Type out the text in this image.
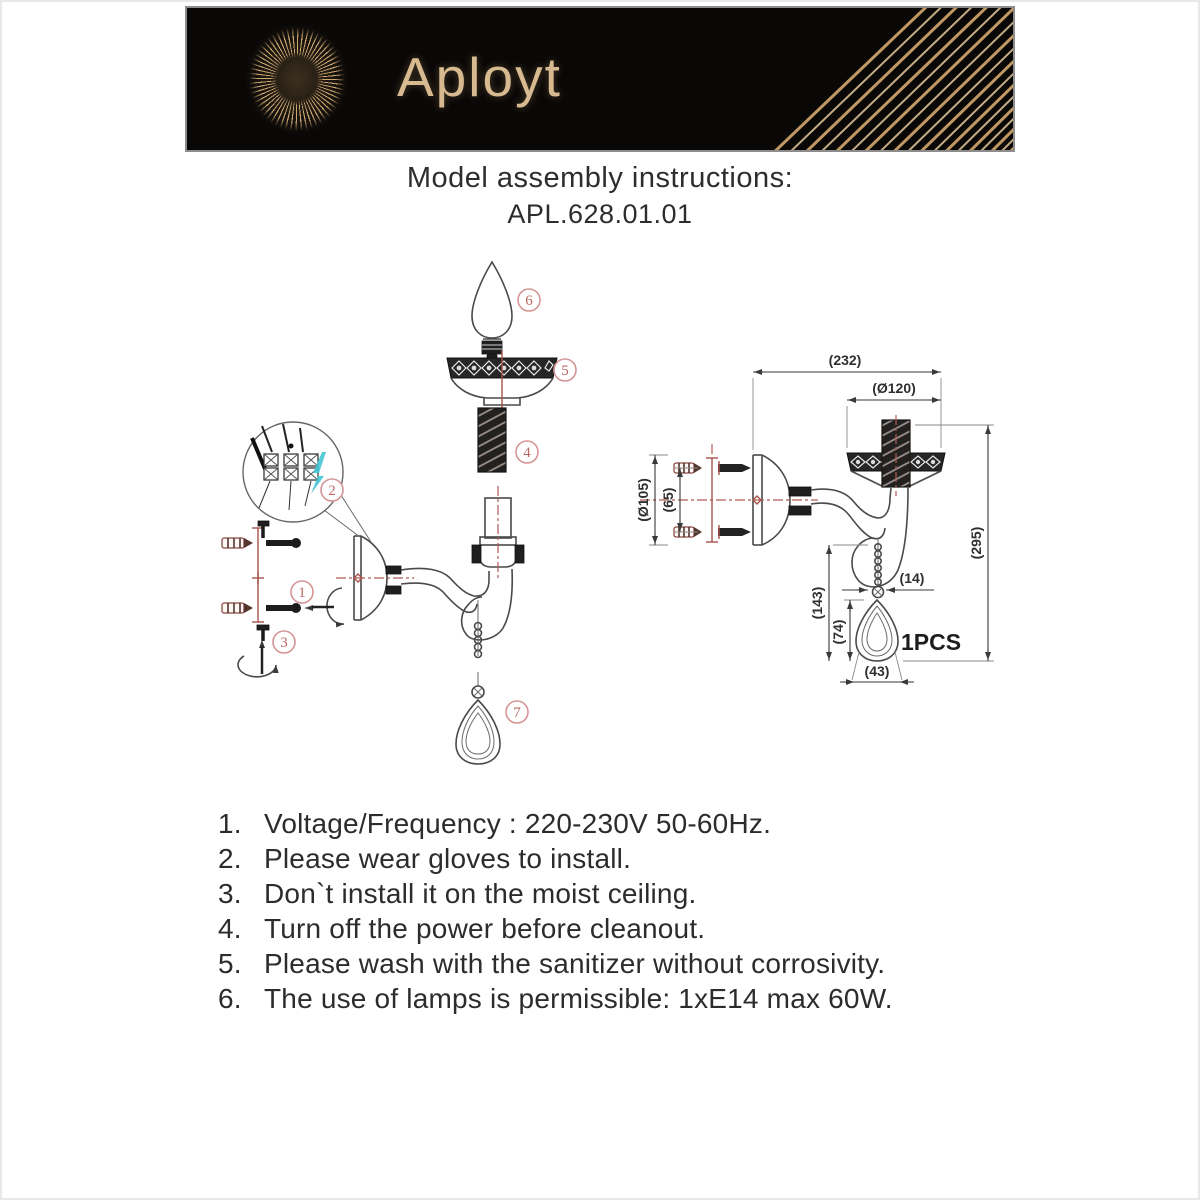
Aployt
Model assembly instructions:
APL.628.01.01
1
2
3
4
5
6
7
(232)
(Ø120)
(Ø105) (65)
(295)
(143)
(74)
(14)
(43)
1PCS
1. Voltage/Frequency : 220-230V 50-60Hz.
2. Please wear gloves to install.
3. Don`t install it on the moist ceiling.
4. Turn off the power before cleanout.
5. Please wash with the sanitizer without corrosivity.
6. The use of lamps is permissible: 1xE14 max 60W.
